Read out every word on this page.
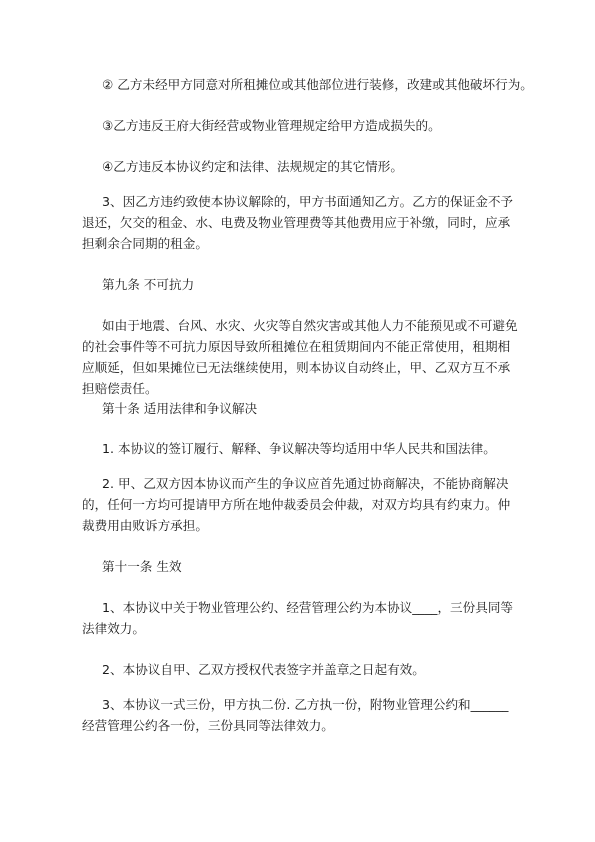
② 乙方未经甲方同意对所租摊位或其他部位进行装修，改建或其他破坏行为。
③乙方违反王府大街经营或物业管理规定给甲方造成损失的。
④乙方违反本协议约定和法律、法规规定的其它情形。
3、因乙方违约致使本协议解除的，甲方书面通知乙方。乙方的保证金不予退还，欠交的租金、水、电费及物业管理费等其他费用应于补缴，同时，应承担剩余合同期的租金。
第九条 不可抗力
如由于地震、台风、水灾、火灾等自然灾害或其他人力不能预见或不可避免的社会事件等不可抗力原因导致所租摊位在租赁期间内不能正常使用，租期相应顺延，但如果摊位已无法继续使用，则本协议自动终止，甲、乙双方互不承担赔偿责任。
第十条 适用法律和争议解决
1. 本协议的签订履行、解释、争议解决等均适用中华人民共和国法律。
2. 甲、乙双方因本协议而产生的争议应首先通过协商解决，不能协商解决的，任何一方均可提请甲方所在地仲裁委员会仲裁，对双方均具有约束力。仲裁费用由败诉方承担。
第十一条 生效
1、本协议中关于物业管理公约、经营管理公约为本协议____，三份具同等法律效力。
2、本协议自甲、乙双方授权代表签字并盖章之日起有效。
3、本协议一式三份，甲方执二份. 乙方执一份，附物业管理公约和______经营管理公约各一份，三份具同等法律效力。
